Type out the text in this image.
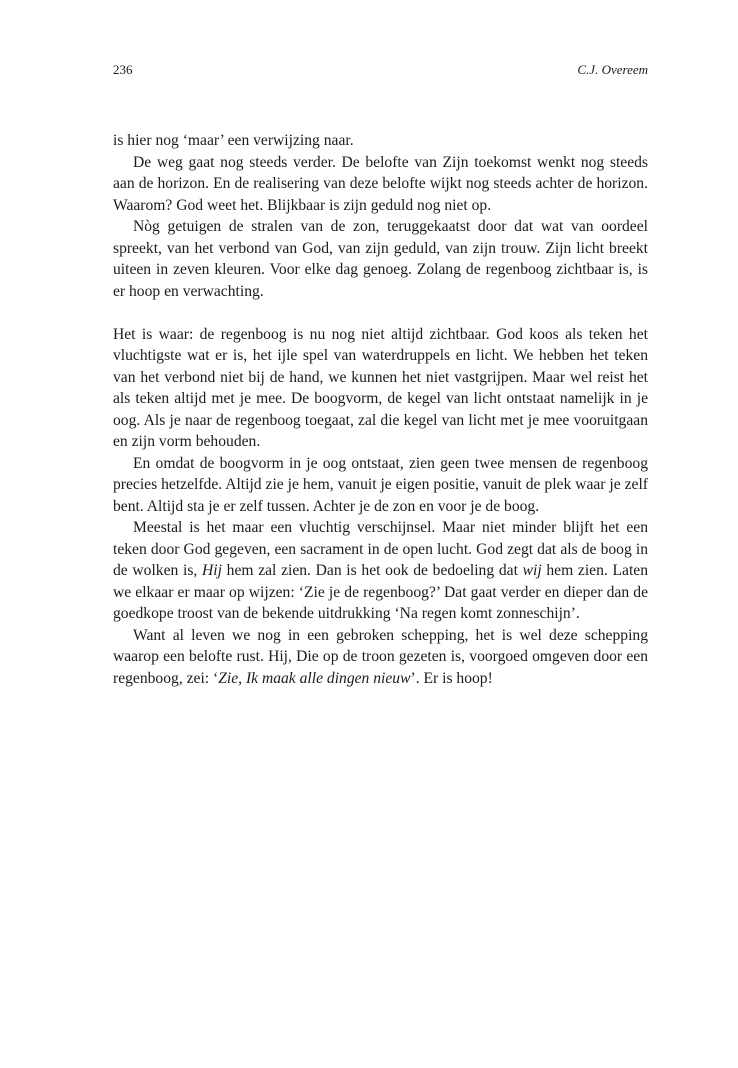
236	C.J. Overeem

is hier nog ‘maar’ een verwijzing naar.

De weg gaat nog steeds verder. De belofte van Zijn toekomst wenkt nog steeds aan de horizon. En de realisering van deze belofte wijkt nog steeds achter de horizon. Waarom? God weet het. Blijkbaar is zijn geduld nog niet op.

Nòg getuigen de stralen van de zon, teruggekaatst door dat wat van oordeel spreekt, van het verbond van God, van zijn geduld, van zijn trouw. Zijn licht breekt uiteen in zeven kleuren. Voor elke dag genoeg. Zolang de regenboog zichtbaar is, is er hoop en verwachting.

Het is waar: de regenboog is nu nog niet altijd zichtbaar. God koos als teken het vluchtigste wat er is, het ijle spel van waterdruppels en licht. We hebben het teken van het verbond niet bij de hand, we kunnen het niet vastgrijpen. Maar wel reist het als teken altijd met je mee. De boogvorm, de kegel van licht ontstaat namelijk in je oog. Als je naar de regenboog toegaat, zal die kegel van licht met je mee vooruitgaan en zijn vorm behouden.

En omdat de boogvorm in je oog ontstaat, zien geen twee mensen de regenboog precies hetzelfde. Altijd zie je hem, vanuit je eigen positie, vanuit de plek waar je zelf bent. Altijd sta je er zelf tussen. Achter je de zon en voor je de boog.

Meestal is het maar een vluchtig verschijnsel. Maar niet minder blijft het een teken door God gegeven, een sacrament in de open lucht. God zegt dat als de boog in de wolken is, Hij hem zal zien. Dan is het ook de bedoeling dat wij hem zien. Laten we elkaar er maar op wijzen: ‘Zie je de regenboog?’ Dat gaat verder en dieper dan de goedkope troost van de bekende uitdrukking ‘Na regen komt zonneschijn’.

Want al leven we nog in een gebroken schepping, het is wel deze schepping waarop een belofte rust. Hij, Die op de troon gezeten is, voorgoed omgeven door een regenboog, zei: ‘Zie, Ik maak alle dingen nieuw’. Er is hoop!
